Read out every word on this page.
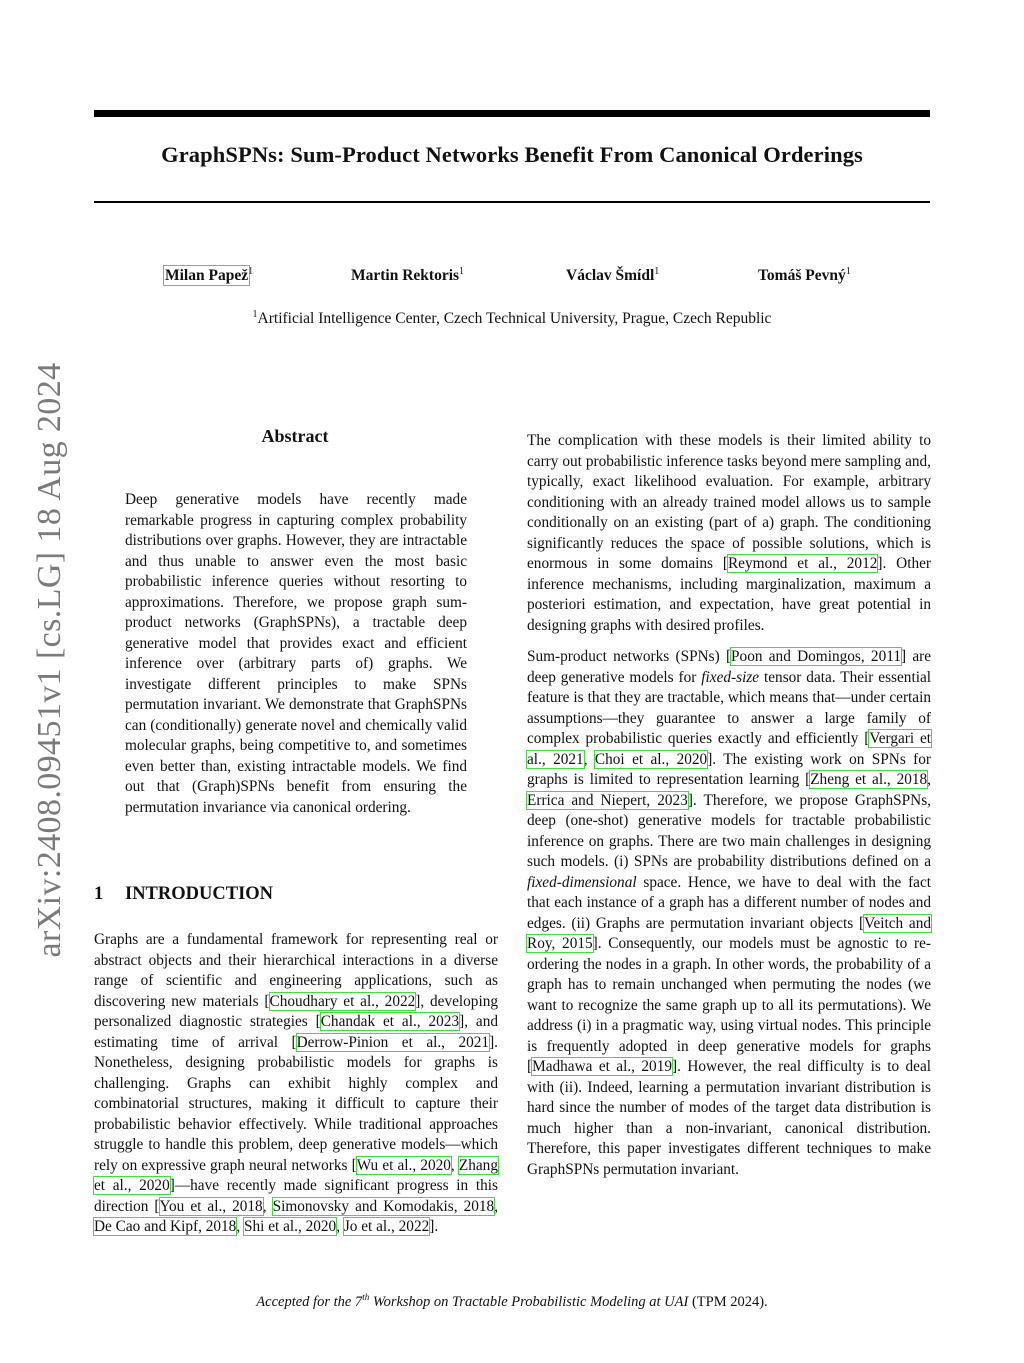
GraphSPNs: Sum-Product Networks Benefit From Canonical Orderings
Milan Papež$^1$	Martin Rektoris$^1$	Václav Šmídl$^1$	Tomáš Pevný$^1$
$^1$Artificial Intelligence Center, Czech Technical University, Prague, Czech Republic
arXiv:2408.09451v1 [cs.LG] 18 Aug 2024	Abstract
Deep generative models have recently made remarkable progress in capturing complex probability distributions over graphs. However, they are intractable and thus unable to answer even the most basic probabilistic inference queries without resorting to approximations. Therefore, we propose graph sum-product networks (GraphSPNs), a tractable deep generative model that provides exact and efficient inference over (arbitrary parts of) graphs. We investigate different principles to make SPNs permutation invariant. We demonstrate that GraphSPNs can (conditionally) generate novel and chemically valid molecular graphs, being competitive to, and sometimes even better than, existing intractable models. We find out that (Graph)SPNs benefit from ensuring the permutation invariance via canonical ordering.
1 INTRODUCTION
Graphs are a fundamental framework for representing real or abstract objects and their hierarchical interactions in a diverse range of scientific and engineering applications, such as discovering new materials [Choudhary et al., 2022], developing personalized diagnostic strategies [Chandak et al., 2023], and estimating time of arrival [Derrow-Pinion et al., 2021]. Nonetheless, designing probabilistic models for graphs is challenging. Graphs can exhibit highly complex and combinatorial structures, making it difficult to capture their probabilistic behavior effectively. While traditional approaches struggle to handle this problem, deep generative models—which rely on expressive graph neural networks [Wu et al., 2020, Zhang et al., 2020]—have recently made significant progress in this direction [You et al., 2018, Simonovsky and Komodakis, 2018, De Cao and Kipf, 2018, Shi et al., 2020, Jo et al., 2022].

The complication with these models is their limited ability to carry out probabilistic inference tasks beyond mere sampling and, typically, exact likelihood evaluation. For example, arbitrary conditioning with an already trained model allows us to sample conditionally on an existing (part of a) graph. The conditioning significantly reduces the space of possible solutions, which is enormous in some domains [Reymond et al., 2012]. Other inference mechanisms, including marginalization, maximum a posteriori estimation, and expectation, have great potential in designing graphs with desired profiles.

Sum-product networks (SPNs) [Poon and Domingos, 2011] are deep generative models for fixed-size tensor data. Their essential feature is that they are tractable, which means that—under certain assumptions—they guarantee to answer a large family of complex probabilistic queries exactly and efficiently [Vergari et al., 2021, Choi et al., 2020]. The existing work on SPNs for graphs is limited to representation learning [Zheng et al., 2018, Errica and Niepert, 2023]. Therefore, we propose GraphSPNs, deep (one-shot) generative models for tractable probabilistic inference on graphs. There are two main challenges in designing such models. (i) SPNs are probability distributions defined on a fixed-dimensional space. Hence, we have to deal with the fact that each instance of a graph has a different number of nodes and edges. (ii) Graphs are permutation invariant objects [Veitch and Roy, 2015]. Consequently, our models must be agnostic to re-ordering the nodes in a graph. In other words, the probability of a graph has to remain unchanged when permuting the nodes (we want to recognize the same graph up to all its permutations). We address (i) in a pragmatic way, using virtual nodes. This principle is frequently adopted in deep generative models for graphs [Madhawa et al., 2019]. However, the real difficulty is to deal with (ii). Indeed, learning a permutation invariant distribution is hard since the number of modes of the target data distribution is much higher than a non-invariant, canonical distribution. Therefore, this paper investigates different techniques to make GraphSPNs permutation invariant.

Accepted for the 7th Workshop on Tractable Probabilistic Modeling at UAI (TPM 2024).
